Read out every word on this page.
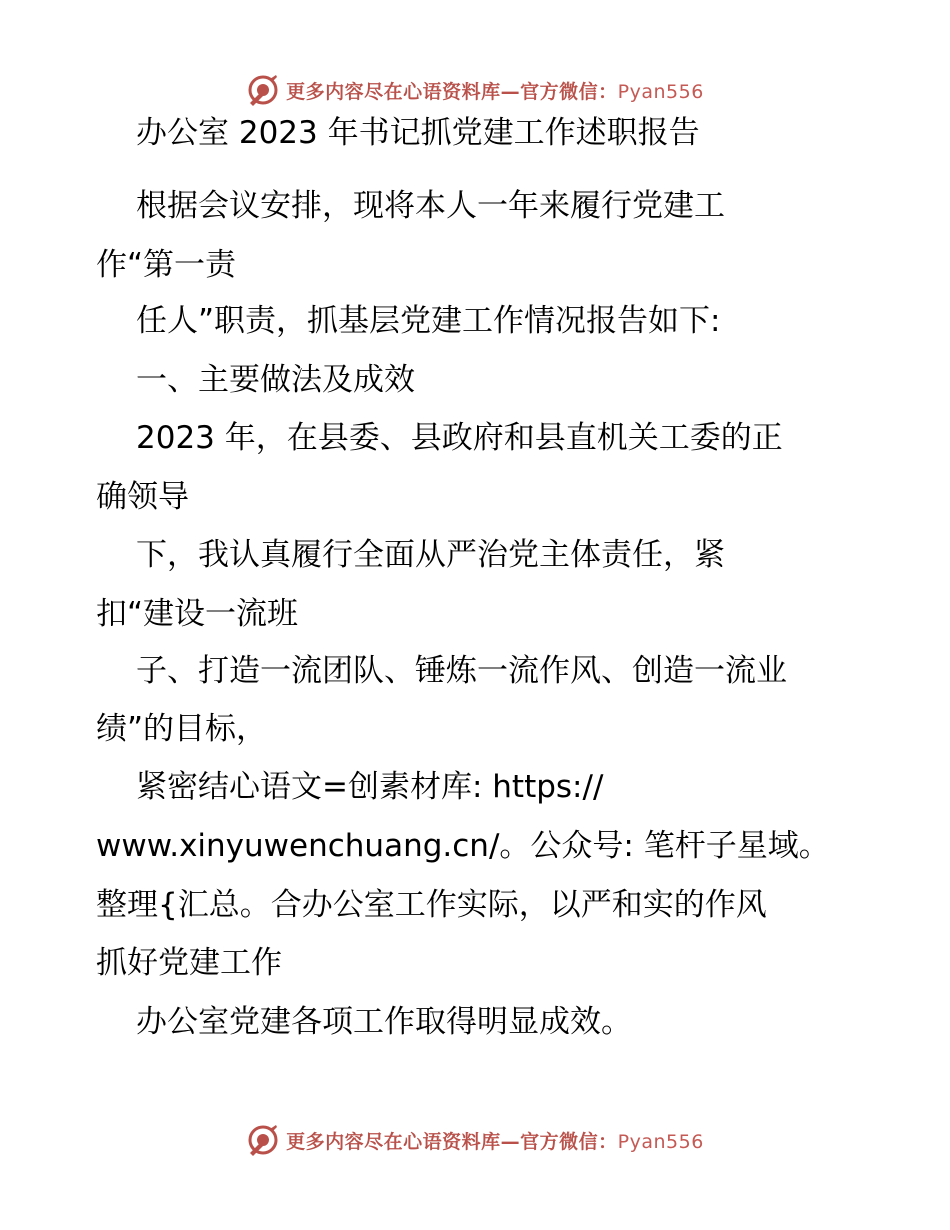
更多内容尽在心语资料库—官方微信：Pyan556
办公室 2023 年书记抓党建工作述职报告
根据会议安排，现将本人一年来履行党建工
作“第一责
任人”职责，抓基层党建工作情况报告如下:
一、主要做法及成效
2023 年，在县委、县政府和县直机关工委的正
确领导
下，我认真履行全面从严治党主体责任，紧
扣“建设一流班
子、打造一流团队、锤炼一流作风、创造一流业
绩”的目标，
紧密结心语文=创素材库: https://
www.xinyuwenchuang.cn/。公众号: 笔杆子星域。
整理{汇总。合办公室工作实际，以严和实的作风
抓好党建工作
办公室党建各项工作取得明显成效。
更多内容尽在心语资料库—官方微信：Pyan556
